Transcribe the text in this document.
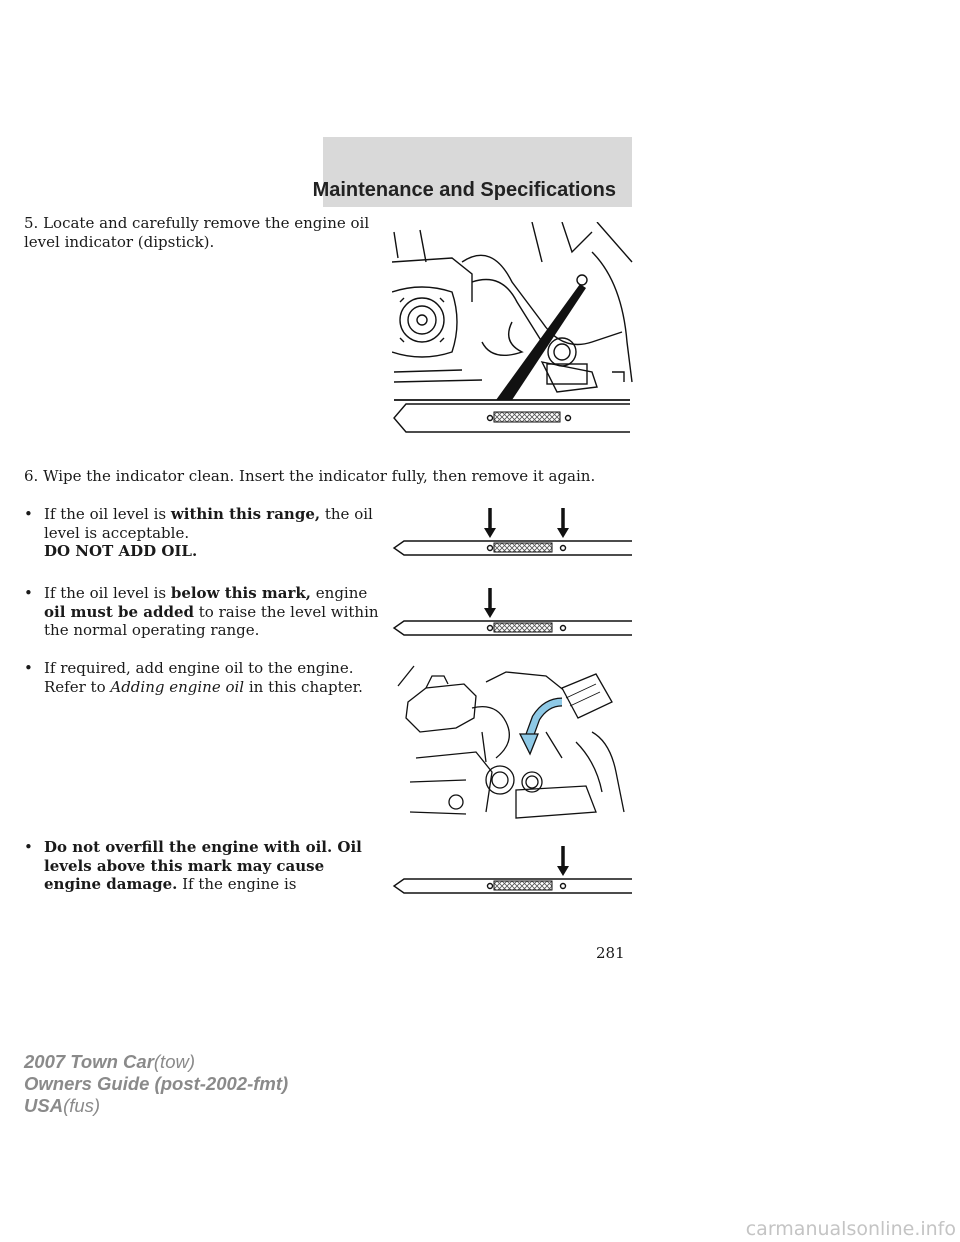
Maintenance and Specifications
5. Locate and carefully remove the engine oil level indicator (dipstick).
6. Wipe the indicator clean. Insert the indicator fully, then remove it again.
• If the oil level is within this range, the oil level is acceptable.
DO NOT ADD OIL.
• If the oil level is below this mark, engine oil must be added to raise the level within the normal operating range.
• If required, add engine oil to the engine. Refer to Adding engine oil in this chapter.
• Do not overfill the engine with oil. Oil levels above this mark may cause engine damage. If the engine is
281
2007 Town Car(tow)
Owners Guide (post-2002-fmt)
USA(fus)
carmanualsonline.info
